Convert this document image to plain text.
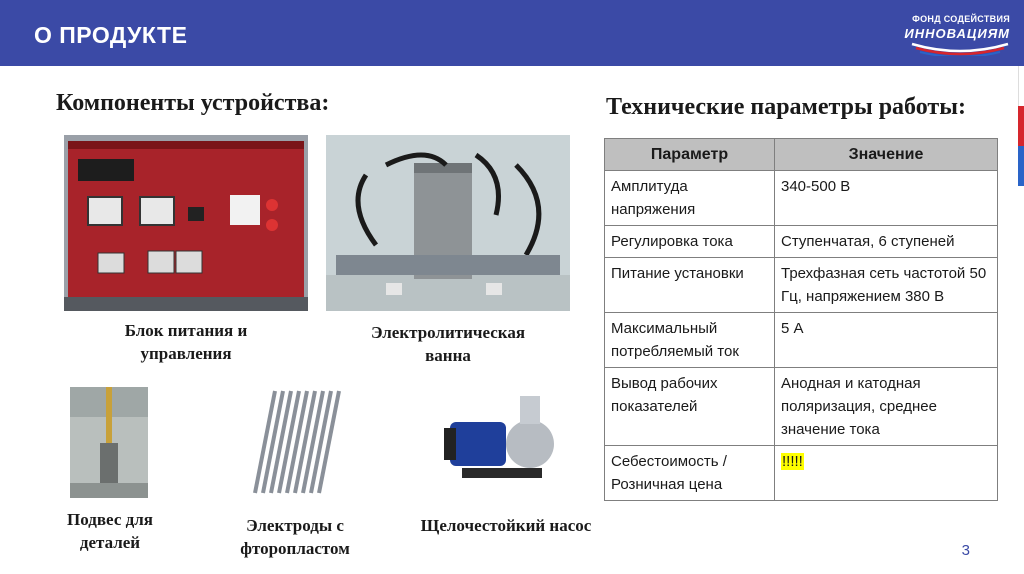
О ПРОДУКТЕ
ФОНД СОДЕЙСТВИЯ
ИННОВАЦИЯМ
Компоненты устройства:	Технические параметры работы:
Блок питания и управления
Электролитическая ванна
Подвес для деталей
Электроды с фторопластом
Щелочестойкий насос
Параметр	Значение
Амплитуда напряжения	340-500 В
Регулировка тока	Ступенчатая, 6 ступеней
Питание установки	Трехфазная сеть частотой 50 Гц, напряжением 380 В
Максимальный потребляемый ток	5 А
Вывод рабочих показателей	Анодная и катодная поляризация, среднее значение тока
Себестоимость / Розничная цена	!!!!!
3
